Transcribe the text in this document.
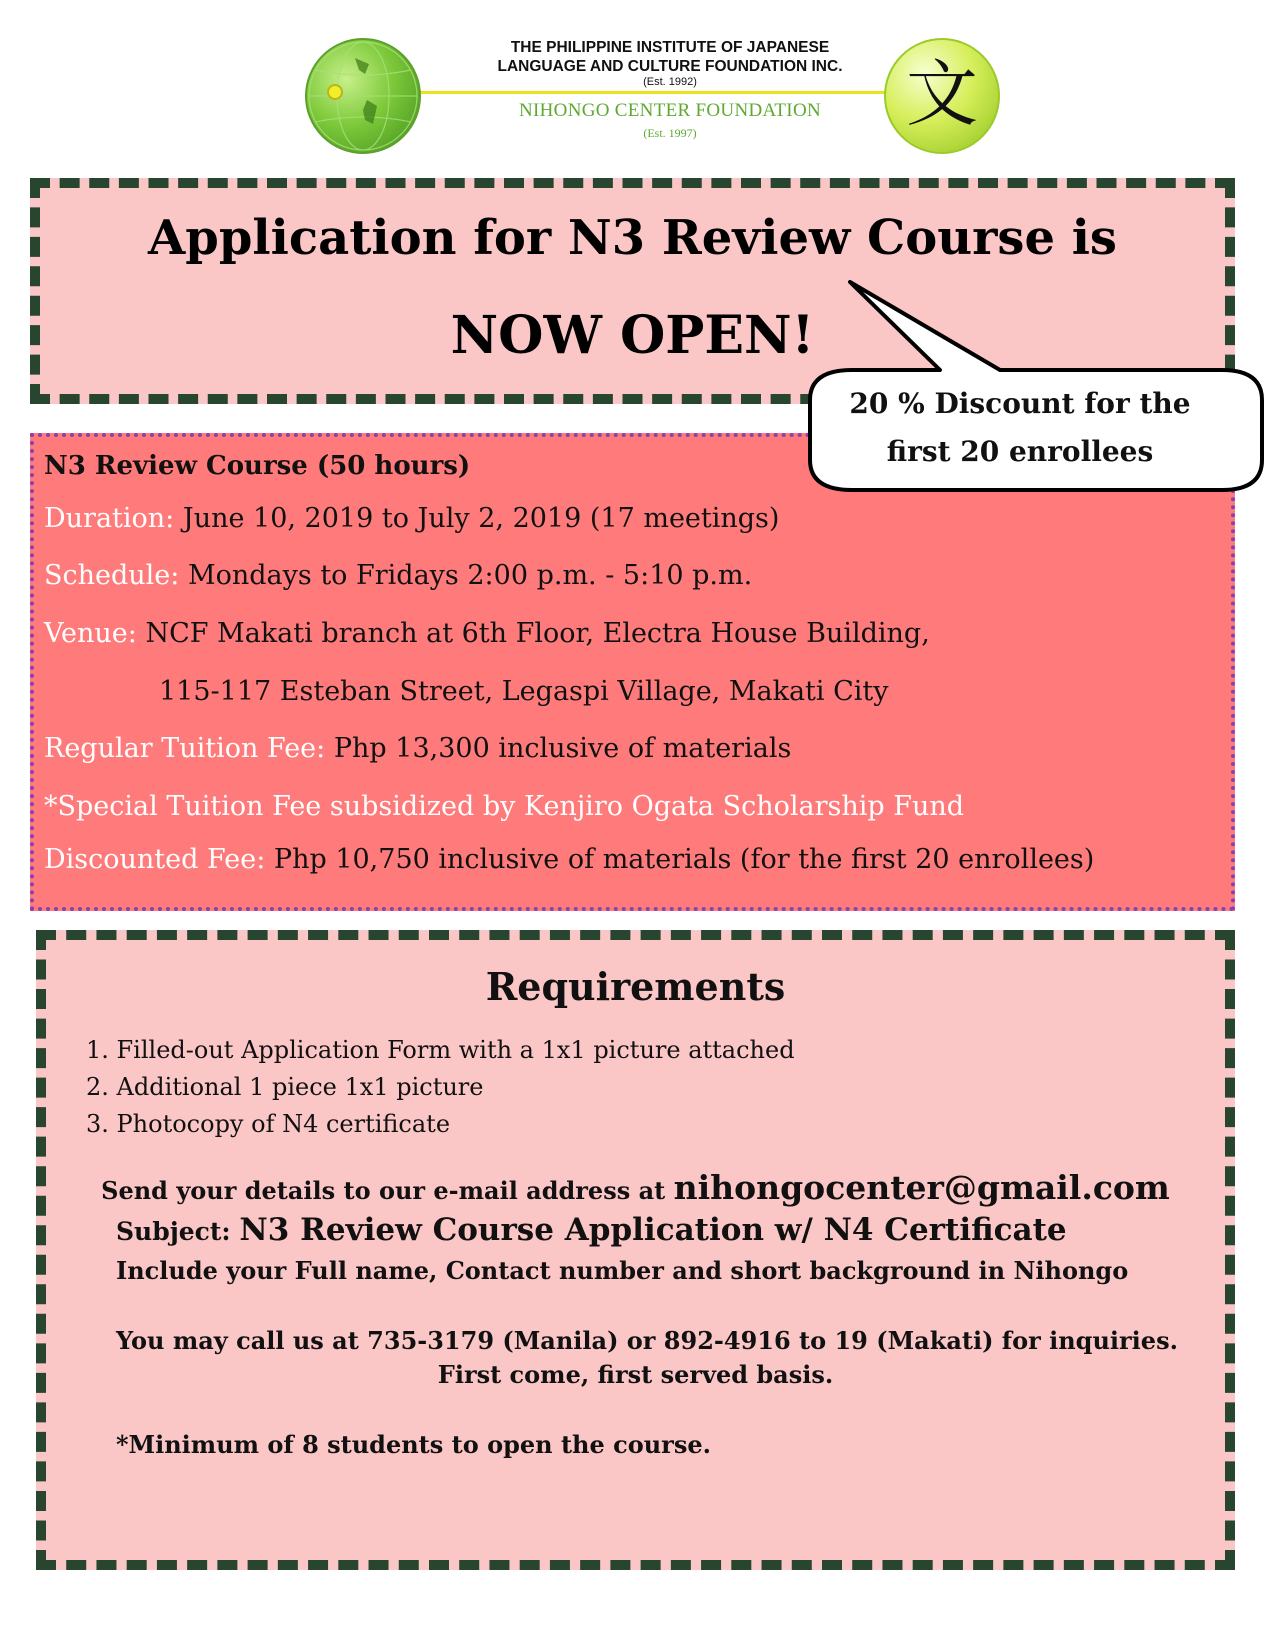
THE PHILIPPINE INSTITUTE OF JAPANESE
LANGUAGE AND CULTURE FOUNDATION INC.
(Est. 1992)
NIHONGO CENTER FOUNDATION
(Est. 1997)	文
Application for N3 Review Course is
NOW OPEN!
N3 Review Course (50 hours)
Duration: June 10, 2019 to July 2, 2019 (17 meetings)
Schedule: Mondays to Fridays 2:00 p.m. - 5:10 p.m.
Venue: NCF Makati branch at 6th Floor, Electra House Building,
115-117 Esteban Street, Legaspi Village, Makati City
Regular Tuition Fee: Php 13,300 inclusive of materials
*Special Tuition Fee subsidized by Kenjiro Ogata Scholarship Fund
Discounted Fee: Php 10,750 inclusive of materials (for the first 20 enrollees)
20 % Discount for the
first 20 enrollees
Requirements
1. Filled-out Application Form with a 1x1 picture attached
2. Additional 1 piece 1x1 picture
3. Photocopy of N4 certificate
Send your details to our e-mail address at nihongocenter@gmail.com
Subject: N3 Review Course Application w/ N4 Certificate
Include your Full name, Contact number and short background in Nihongo
You may call us at 735-3179 (Manila) or 892-4916 to 19 (Makati) for inquiries.
First come, first served basis.
*Minimum of 8 students to open the course.
